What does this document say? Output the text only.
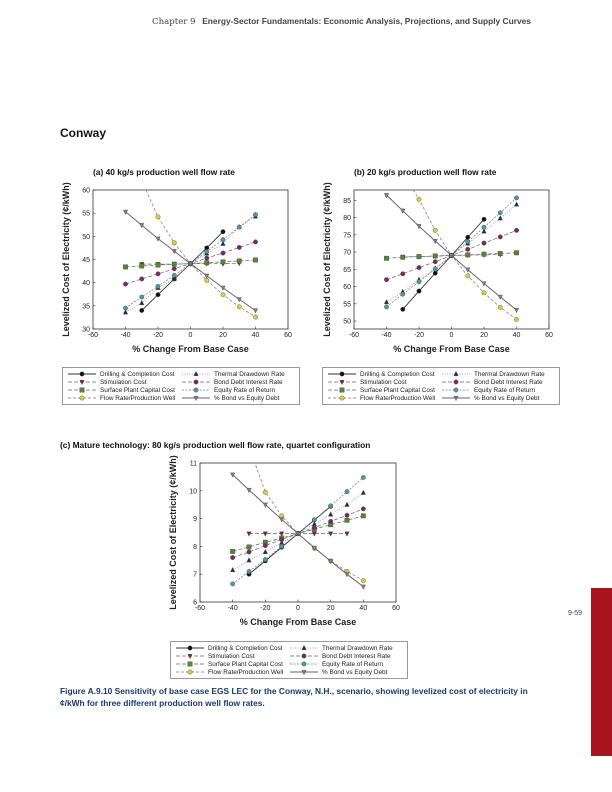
Chapter 9 Energy-Sector Fundamentals: Economic Analysis, Projections, and Supply Curves
Conway
(a) 40 kg/s production well flow rate	(b) 20 kg/s production well flow rate
(c) Mature technology: 80 kg/s production well flow rate, quartet configuration
-60	-40	-20	0	20	40	60
30
35
40
45
50
55
60
% Change From Base Case
Levelized Cost of Electricity (¢/kWh)	-60	-40	-20	0	20	40	60
50
55
60
65
70
75
80
85
% Change From Base Case
Levelized Cost of Electricity (¢/kWh)
-60	-40	-20	0	20	40	60
6
7
8
9
10
11
% Change From Base Case
Levelized Cost of Electricity (¢/kWh)
Drilling & Completion Cost	Thermal Drawdown Rate
Stimulation Cost	Bond Debt Interest Rate
Surface Plant Capital Cost	Equity Rate of Return
Flow Rate/Production Well	% Bond vs Equity Debt
Drilling & Completion Cost	Thermal Drawdown Rate
Stimulation Cost	Bond Debt Interest Rate
Surface Plant Capital Cost	Equity Rate of Return
Flow Rate/Production Well	% Bond vs Equity Debt
Drilling & Completion Cost	Thermal Drawdown Rate
Stimulation Cost	Bond Debt Interest Rate
Surface Plant Capital Cost	Equity Rate of Return
Flow Rate/Production Well	% Bond vs Equity Debt
9-59
Figure A.9.10 Sensitivity of base case EGS LEC for the Conway, N.H., scenario, showing levelized cost of electricity in ¢/kWh for three different production well flow rates.
